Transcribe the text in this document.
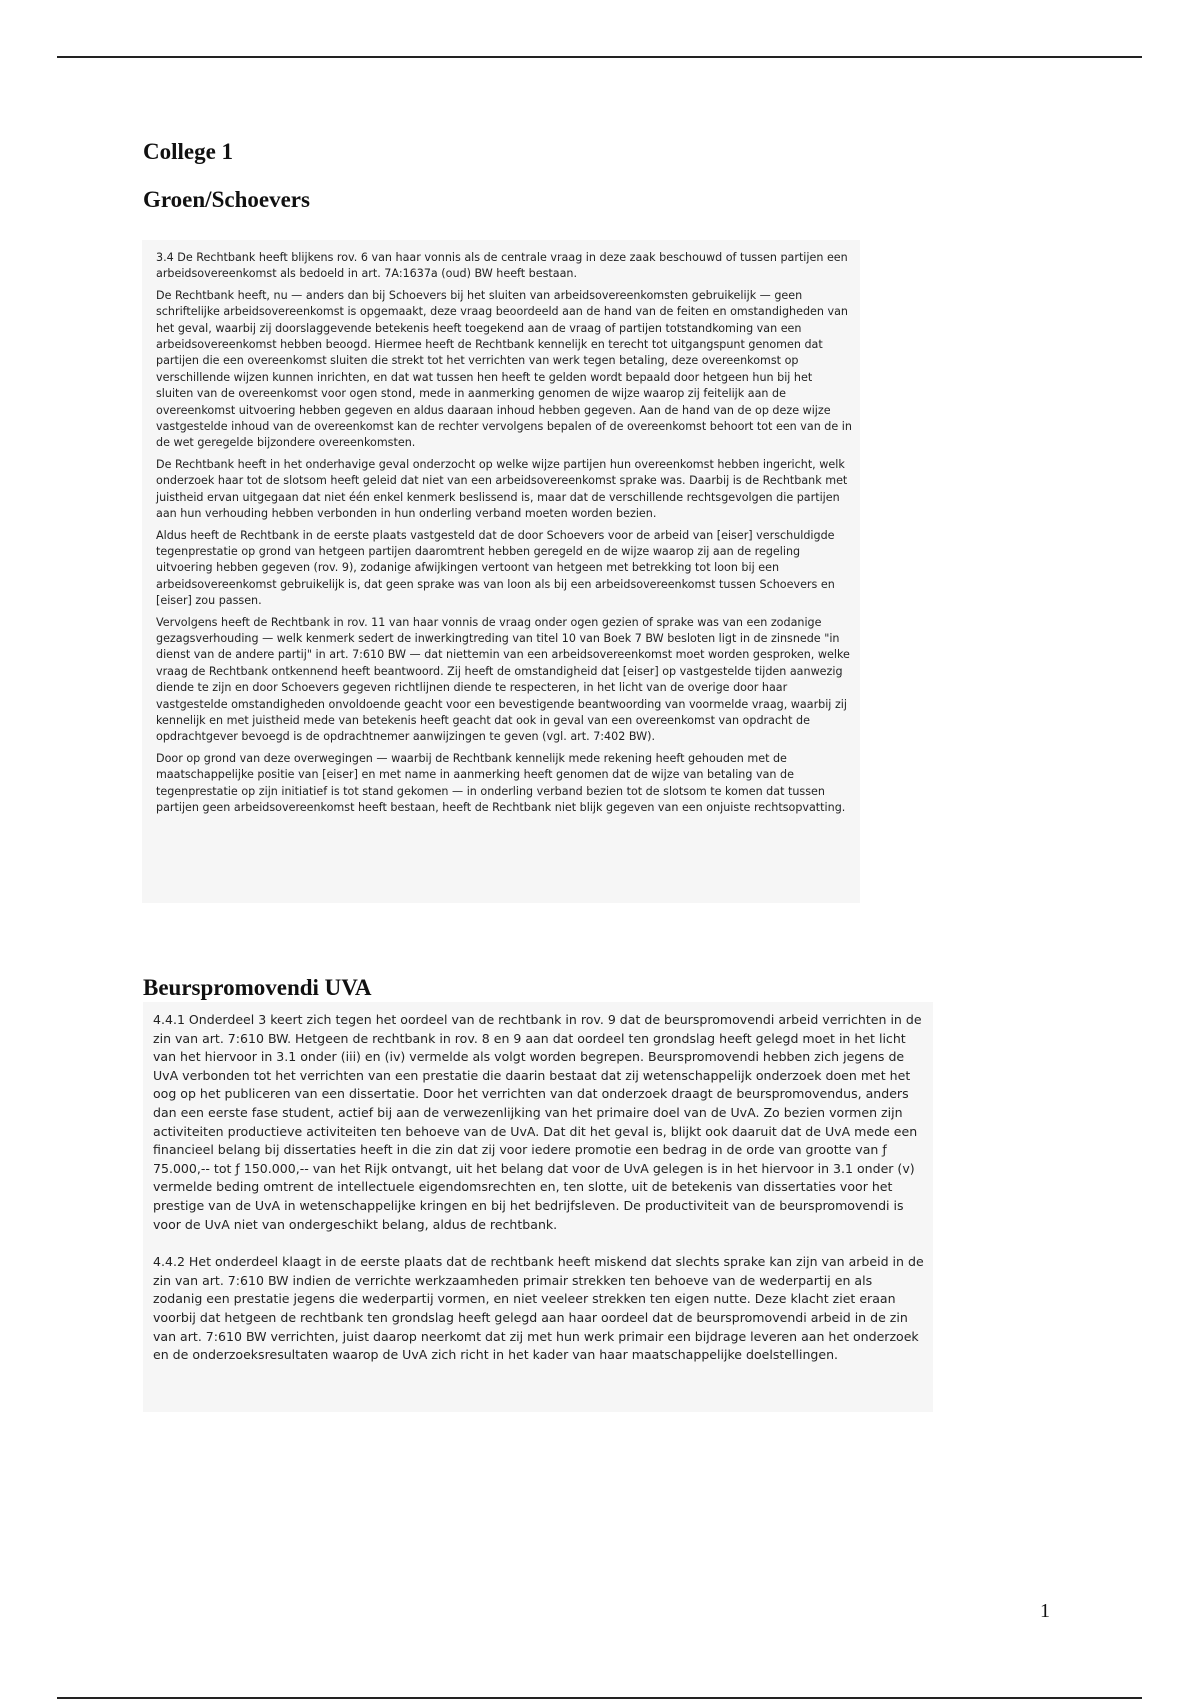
College 1
Groen/Schoevers

3.4 De Rechtbank heeft blijkens rov. 6 van haar vonnis als de centrale vraag in deze zaak beschouwd of tussen partijen een arbeidsovereenkomst als bedoeld in art. 7A:1637a (oud) BW heeft bestaan.

De Rechtbank heeft, nu — anders dan bij Schoevers bij het sluiten van arbeidsovereenkomsten gebruikelijk — geen schriftelijke arbeidsovereenkomst is opgemaakt, deze vraag beoordeeld aan de hand van de feiten en omstandigheden van het geval, waarbij zij doorslaggevende betekenis heeft toegekend aan de vraag of partijen totstandkoming van een arbeidsovereenkomst hebben beoogd. Hiermee heeft de Rechtbank kennelijk en terecht tot uitgangspunt genomen dat partijen die een overeenkomst sluiten die strekt tot het verrichten van werk tegen betaling, deze overeenkomst op verschillende wijzen kunnen inrichten, en dat wat tussen hen heeft te gelden wordt bepaald door hetgeen hun bij het sluiten van de overeenkomst voor ogen stond, mede in aanmerking genomen de wijze waarop zij feitelijk aan de overeenkomst uitvoering hebben gegeven en aldus daaraan inhoud hebben gegeven. Aan de hand van de op deze wijze vastgestelde inhoud van de overeenkomst kan de rechter vervolgens bepalen of de overeenkomst behoort tot een van de in de wet geregelde bijzondere overeenkomsten.

De Rechtbank heeft in het onderhavige geval onderzocht op welke wijze partijen hun overeenkomst hebben ingericht, welk onderzoek haar tot de slotsom heeft geleid dat niet van een arbeidsovereenkomst sprake was. Daarbij is de Rechtbank met juistheid ervan uitgegaan dat niet één enkel kenmerk beslissend is, maar dat de verschillende rechtsgevolgen die partijen aan hun verhouding hebben verbonden in hun onderling verband moeten worden bezien.

Aldus heeft de Rechtbank in de eerste plaats vastgesteld dat de door Schoevers voor de arbeid van [eiser] verschuldigde tegenprestatie op grond van hetgeen partijen daaromtrent hebben geregeld en de wijze waarop zij aan de regeling uitvoering hebben gegeven (rov. 9), zodanige afwijkingen vertoont van hetgeen met betrekking tot loon bij een arbeidsovereenkomst gebruikelijk is, dat geen sprake was van loon als bij een arbeidsovereenkomst tussen Schoevers en [eiser] zou passen.

Vervolgens heeft de Rechtbank in rov. 11 van haar vonnis de vraag onder ogen gezien of sprake was van een zodanige gezagsverhouding — welk kenmerk sedert de inwerkingtreding van titel 10 van Boek 7 BW besloten ligt in de zinsnede "in dienst van de andere partij" in art. 7:610 BW — dat niettemin van een arbeidsovereenkomst moet worden gesproken, welke vraag de Rechtbank ontkennend heeft beantwoord. Zij heeft de omstandigheid dat [eiser] op vastgestelde tijden aanwezig diende te zijn en door Schoevers gegeven richtlijnen diende te respecteren, in het licht van de overige door haar vastgestelde omstandigheden onvoldoende geacht voor een bevestigende beantwoording van voormelde vraag, waarbij zij kennelijk en met juistheid mede van betekenis heeft geacht dat ook in geval van een overeenkomst van opdracht de opdrachtgever bevoegd is de opdrachtnemer aanwijzingen te geven (vgl. art. 7:402 BW).

Door op grond van deze overwegingen — waarbij de Rechtbank kennelijk mede rekening heeft gehouden met de maatschappelijke positie van [eiser] en met name in aanmerking heeft genomen dat de wijze van betaling van de tegenprestatie op zijn initiatief is tot stand gekomen — in onderling verband bezien tot de slotsom te komen dat tussen partijen geen arbeidsovereenkomst heeft bestaan, heeft de Rechtbank niet blijk gegeven van een onjuiste rechtsopvatting.

Beurspromovendi UVA

4.4.1 Onderdeel 3 keert zich tegen het oordeel van de rechtbank in rov. 9 dat de beurspromovendi arbeid verrichten in de zin van art. 7:610 BW. Hetgeen de rechtbank in rov. 8 en 9 aan dat oordeel ten grondslag heeft gelegd moet in het licht van het hiervoor in 3.1 onder (iii) en (iv) vermelde als volgt worden begrepen. Beurspromovendi hebben zich jegens de UvA verbonden tot het verrichten van een prestatie die daarin bestaat dat zij wetenschappelijk onderzoek doen met het oog op het publiceren van een dissertatie. Door het verrichten van dat onderzoek draagt de beurspromovendus, anders dan een eerste fase student, actief bij aan de verwezenlijking van het primaire doel van de UvA. Zo bezien vormen zijn activiteiten productieve activiteiten ten behoeve van de UvA. Dat dit het geval is, blijkt ook daaruit dat de UvA mede een financieel belang bij dissertaties heeft in die zin dat zij voor iedere promotie een bedrag in de orde van grootte van ƒ 75.000,-- tot ƒ 150.000,-- van het Rijk ontvangt, uit het belang dat voor de UvA gelegen is in het hiervoor in 3.1 onder (v) vermelde beding omtrent de intellectuele eigendomsrechten en, ten slotte, uit de betekenis van dissertaties voor het prestige van de UvA in wetenschappelijke kringen en bij het bedrijfsleven. De productiviteit van de beurspromovendi is voor de UvA niet van ondergeschikt belang, aldus de rechtbank.

4.4.2 Het onderdeel klaagt in de eerste plaats dat de rechtbank heeft miskend dat slechts sprake kan zijn van arbeid in de zin van art. 7:610 BW indien de verrichte werkzaamheden primair strekken ten behoeve van de wederpartij en als zodanig een prestatie jegens die wederpartij vormen, en niet veeleer strekken ten eigen nutte. Deze klacht ziet eraan voorbij dat hetgeen de rechtbank ten grondslag heeft gelegd aan haar oordeel dat de beurspromovendi arbeid in de zin van art. 7:610 BW verrichten, juist daarop neerkomt dat zij met hun werk primair een bijdrage leveren aan het onderzoek en de onderzoeksresultaten waarop de UvA zich richt in het kader van haar maatschappelijke doelstellingen.

1
